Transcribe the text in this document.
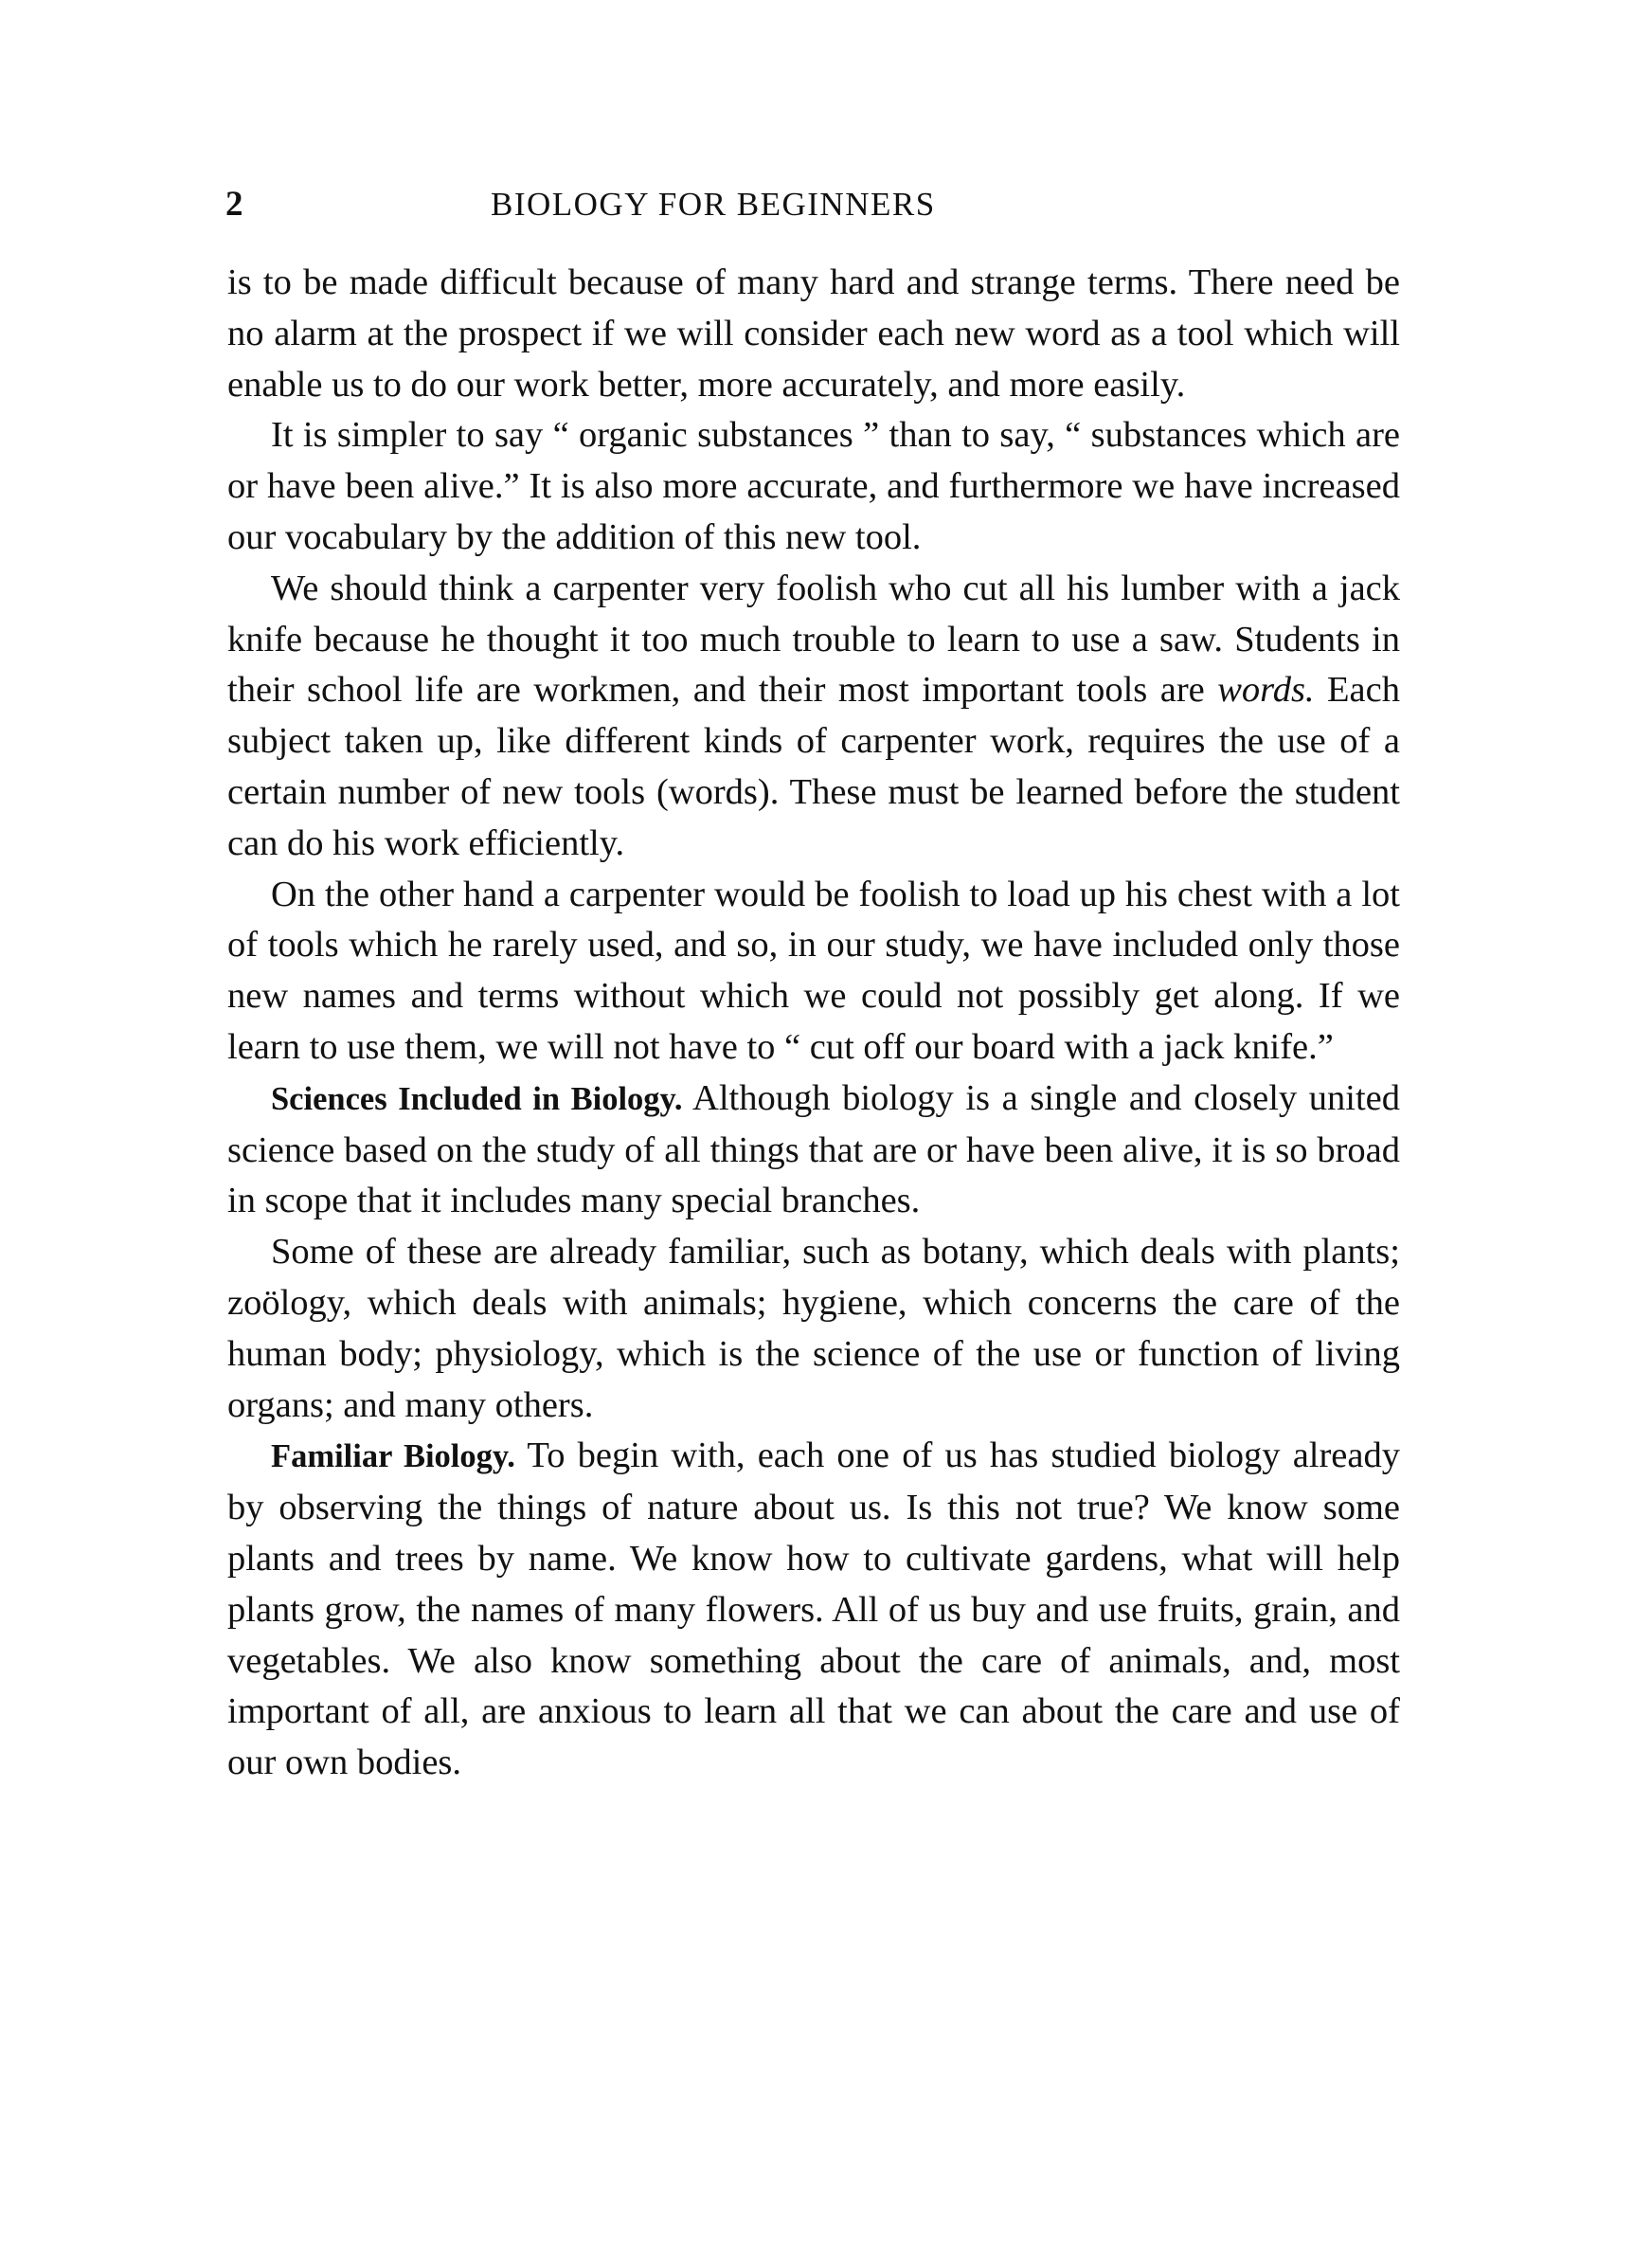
2	BIOLOGY FOR BEGINNERS

is to be made difficult because of many hard and strange terms. There need be no alarm at the prospect if we will consider each new word as a tool which will enable us to do our work better, more accurately, and more easily.

It is simpler to say “ organic substances ” than to say, “ substances which are or have been alive.” It is also more accurate, and furthermore we have increased our vocabulary by the addition of this new tool.

We should think a carpenter very foolish who cut all his lumber with a jack knife because he thought it too much trouble to learn to use a saw. Students in their school life are workmen, and their most important tools are words. Each subject taken up, like different kinds of carpenter work, requires the use of a certain number of new tools (words). These must be learned before the student can do his work efficiently.

On the other hand a carpenter would be foolish to load up his chest with a lot of tools which he rarely used, and so, in our study, we have included only those new names and terms without which we could not possibly get along. If we learn to use them, we will not have to “ cut off our board with a jack knife.”

Sciences Included in Biology. Although biology is a single and closely united science based on the study of all things that are or have been alive, it is so broad in scope that it includes many special branches.

Some of these are already familiar, such as botany, which deals with plants; zoölogy, which deals with animals; hygiene, which concerns the care of the human body; physiology, which is the science of the use or function of living organs; and many others.

Familiar Biology. To begin with, each one of us has studied biology already by observing the things of nature about us. Is this not true? We know some plants and trees by name. We know how to cultivate gardens, what will help plants grow, the names of many flowers. All of us buy and use fruits, grain, and vegetables. We also know something about the care of animals, and, most important of all, are anxious to learn all that we can about the care and use of our own bodies.
